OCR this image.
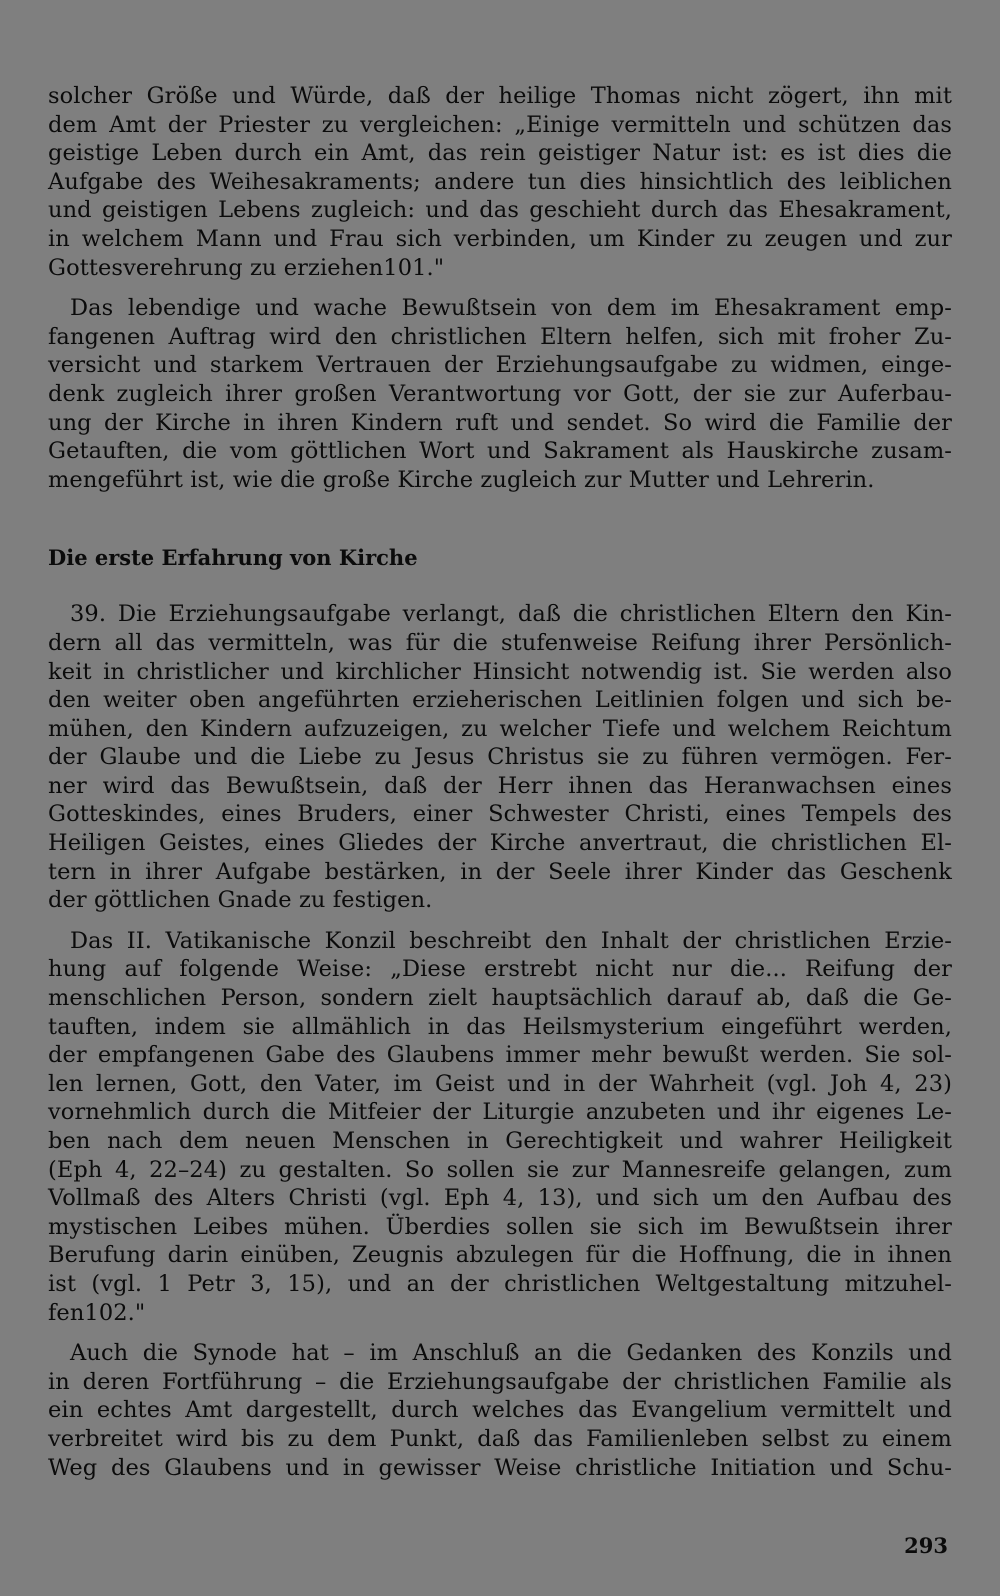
solcher Größe und Würde, daß der heilige Thomas nicht zögert, ihn mit
dem Amt der Priester zu vergleichen: „Einige vermitteln und schützen das
geistige Leben durch ein Amt, das rein geistiger Natur ist: es ist dies die
Aufgabe des Weihesakraments; andere tun dies hinsichtlich des leiblichen
und geistigen Lebens zugleich: und das geschieht durch das Ehesakrament,
in welchem Mann und Frau sich verbinden, um Kinder zu zeugen und zur
Gottesverehrung zu erziehen101."
Das lebendige und wache Bewußtsein von dem im Ehesakrament emp-
fangenen Auftrag wird den christlichen Eltern helfen, sich mit froher Zu-
versicht und starkem Vertrauen der Erziehungsaufgabe zu widmen, einge-
denk zugleich ihrer großen Verantwortung vor Gott, der sie zur Auferbau-
ung der Kirche in ihren Kindern ruft und sendet. So wird die Familie der
Getauften, die vom göttlichen Wort und Sakrament als Hauskirche zusam-
mengeführt ist, wie die große Kirche zugleich zur Mutter und Lehrerin.
Die erste Erfahrung von Kirche
39. Die Erziehungsaufgabe verlangt, daß die christlichen Eltern den Kin-
dern all das vermitteln, was für die stufenweise Reifung ihrer Persönlich-
keit in christlicher und kirchlicher Hinsicht notwendig ist. Sie werden also
den weiter oben angeführten erzieherischen Leitlinien folgen und sich be-
mühen, den Kindern aufzuzeigen, zu welcher Tiefe und welchem Reichtum
der Glaube und die Liebe zu Jesus Christus sie zu führen vermögen. Fer-
ner wird das Bewußtsein, daß der Herr ihnen das Heranwachsen eines
Gotteskindes, eines Bruders, einer Schwester Christi, eines Tempels des
Heiligen Geistes, eines Gliedes der Kirche anvertraut, die christlichen El-
tern in ihrer Aufgabe bestärken, in der Seele ihrer Kinder das Geschenk
der göttlichen Gnade zu festigen.
Das II. Vatikanische Konzil beschreibt den Inhalt der christlichen Erzie-
hung auf folgende Weise: „Diese erstrebt nicht nur die... Reifung der
menschlichen Person, sondern zielt hauptsächlich darauf ab, daß die Ge-
tauften, indem sie allmählich in das Heilsmysterium eingeführt werden,
der empfangenen Gabe des Glaubens immer mehr bewußt werden. Sie sol-
len lernen, Gott, den Vater, im Geist und in der Wahrheit (vgl. Joh 4, 23)
vornehmlich durch die Mitfeier der Liturgie anzubeten und ihr eigenes Le-
ben nach dem neuen Menschen in Gerechtigkeit und wahrer Heiligkeit
(Eph 4, 22–24) zu gestalten. So sollen sie zur Mannesreife gelangen, zum
Vollmaß des Alters Christi (vgl. Eph 4, 13), und sich um den Aufbau des
mystischen Leibes mühen. Überdies sollen sie sich im Bewußtsein ihrer
Berufung darin einüben, Zeugnis abzulegen für die Hoffnung, die in ihnen
ist (vgl. 1 Petr 3, 15), und an der christlichen Weltgestaltung mitzuhel-
fen102."
Auch die Synode hat – im Anschluß an die Gedanken des Konzils und
in deren Fortführung – die Erziehungsaufgabe der christlichen Familie als
ein echtes Amt dargestellt, durch welches das Evangelium vermittelt und
verbreitet wird bis zu dem Punkt, daß das Familienleben selbst zu einem
Weg des Glaubens und in gewisser Weise christliche Initiation und Schu-
293
